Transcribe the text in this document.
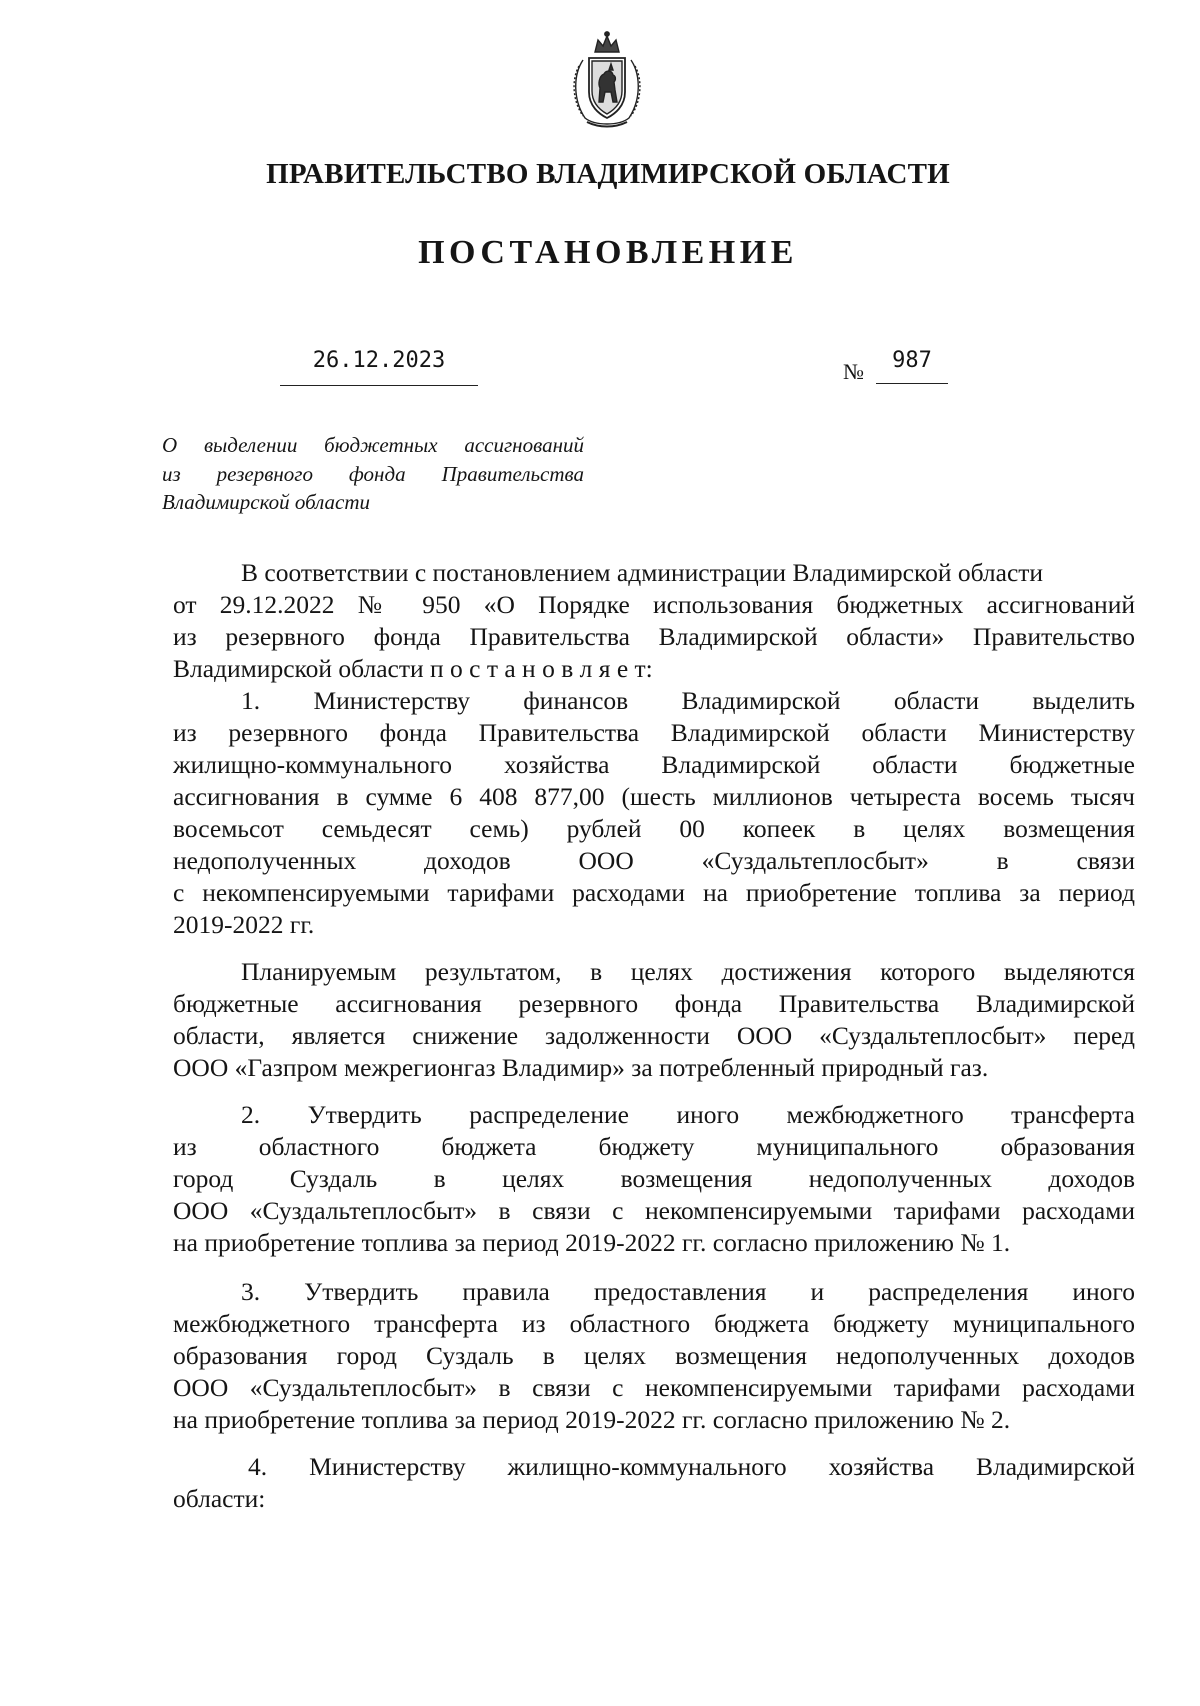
ПРАВИТЕЛЬСТВО ВЛАДИМИРСКОЙ ОБЛАСТИ
ПОСТАНОВЛЕНИЕ
26.12.2023	№	987
О выделении бюджетных ассигнований
из резервного фонда Правительства
Владимирской области
В соответствии с постановлением администрации Владимирской области
от 29.12.2022 № 950 «О Порядке использования бюджетных ассигнований
из резервного фонда Правительства Владимирской области» Правительство
Владимирской области п о с т а н о в л я е т:
1. Министерству финансов Владимирской области выделить
из резервного фонда Правительства Владимирской области Министерству
жилищно-коммунального хозяйства Владимирской области бюджетные
ассигнования в сумме 6 408 877,00 (шесть миллионов четыреста восемь тысяч
восемьсот семьдесят семь) рублей 00 копеек в целях возмещения
недополученных доходов ООО «Суздальтеплосбыт» в связи
с некомпенсируемыми тарифами расходами на приобретение топлива за период
2019-2022 гг.
Планируемым результатом, в целях достижения которого выделяются
бюджетные ассигнования резервного фонда Правительства Владимирской
области, является снижение задолженности ООО «Суздальтеплосбыт» перед
ООО «Газпром межрегионгаз Владимир» за потребленный природный газ.
2. Утвердить распределение иного межбюджетного трансферта
из областного бюджета бюджету муниципального образования
город Суздаль в целях возмещения недополученных доходов
ООО «Суздальтеплосбыт» в связи с некомпенсируемыми тарифами расходами
на приобретение топлива за период 2019-2022 гг. согласно приложению № 1.
3. Утвердить правила предоставления и распределения иного
межбюджетного трансферта из областного бюджета бюджету муниципального
образования город Суздаль в целях возмещения недополученных доходов
ООО «Суздальтеплосбыт» в связи с некомпенсируемыми тарифами расходами
на приобретение топлива за период 2019-2022 гг. согласно приложению № 2.
4. Министерству жилищно-коммунального хозяйства Владимирской
области:
